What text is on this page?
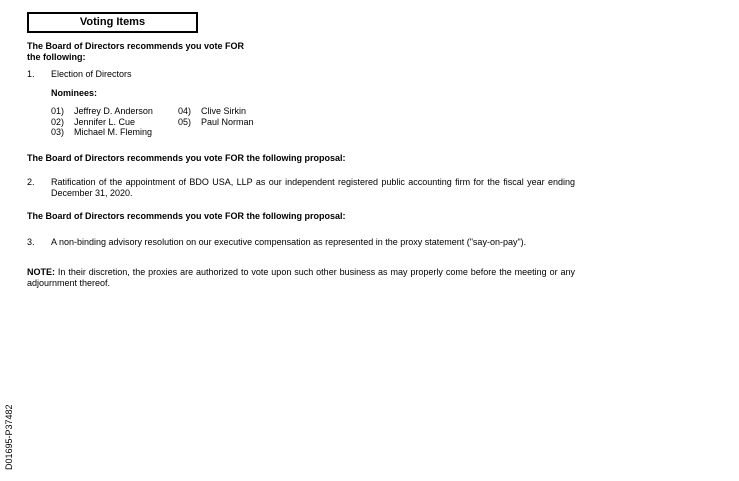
Voting Items
The Board of Directors recommends you vote FOR
the following:
1. Election of Directors
Nominees:
01) Jeffrey D. Anderson
02) Jennifer L. Cue
03) Michael M. Fleming
04) Clive Sirkin
05) Paul Norman
The Board of Directors recommends you vote FOR the following proposal:
2. Ratification of the appointment of BDO USA, LLP as our independent registered public accounting firm for the fiscal year ending December 31, 2020.
The Board of Directors recommends you vote FOR the following proposal:
3. A non-binding advisory resolution on our executive compensation as represented in the proxy statement ("say-on-pay").
NOTE: In their discretion, the proxies are authorized to vote upon such other business as may properly come before the meeting or any adjournment thereof.
D01695-P37482
